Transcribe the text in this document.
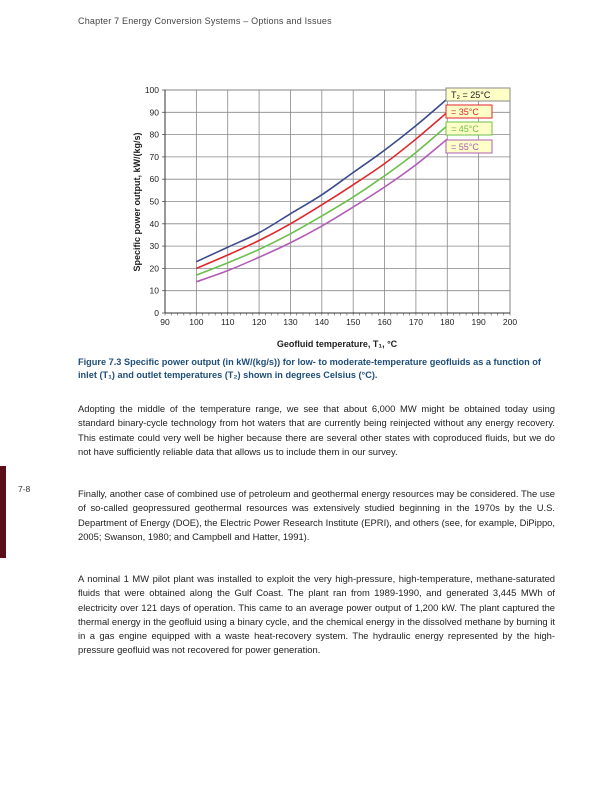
Chapter 7 Energy Conversion Systems – Options and Issues
90 100 110 120 130 140 150 160 170 180 190 200
0
10
20
30
40
50
60
70
80
90
100	T₂ = 25°C
= 35°C
= 45°C
= 55°C
Geofluid temperature, T₁, °C
Specific power output, kW/(kg/s)
Figure 7.3 Specific power output (in kW/(kg/s)) for low- to moderate-temperature geofluids as a function of inlet (T₁) and outlet temperatures (T₂) shown in degrees Celsius (°C).

Adopting the middle of the temperature range, we see that about 6,000 MW might be obtained today using standard binary-cycle technology from hot waters that are currently being reinjected without any energy recovery. This estimate could very well be higher because there are several other states with coproduced fluids, but we do not have sufficiently reliable data that allows us to include them in our survey.

Finally, another case of combined use of petroleum and geothermal energy resources may be considered. The use of so-called geopressured geothermal resources was extensively studied beginning in the 1970s by the U.S. Department of Energy (DOE), the Electric Power Research Institute (EPRI), and others (see, for example, DiPippo, 2005; Swanson, 1980; and Campbell and Hatter, 1991).

A nominal 1 MW pilot plant was installed to exploit the very high-pressure, high-temperature, methane-saturated fluids that were obtained along the Gulf Coast. The plant ran from 1989-1990, and generated 3,445 MWh of electricity over 121 days of operation. This came to an average power output of 1,200 kW. The plant captured the thermal energy in the geofluid using a binary cycle, and the chemical energy in the dissolved methane by burning it in a gas engine equipped with a waste heat-recovery system. The hydraulic energy represented by the high-pressure geofluid was not recovered for power generation.

7-8
